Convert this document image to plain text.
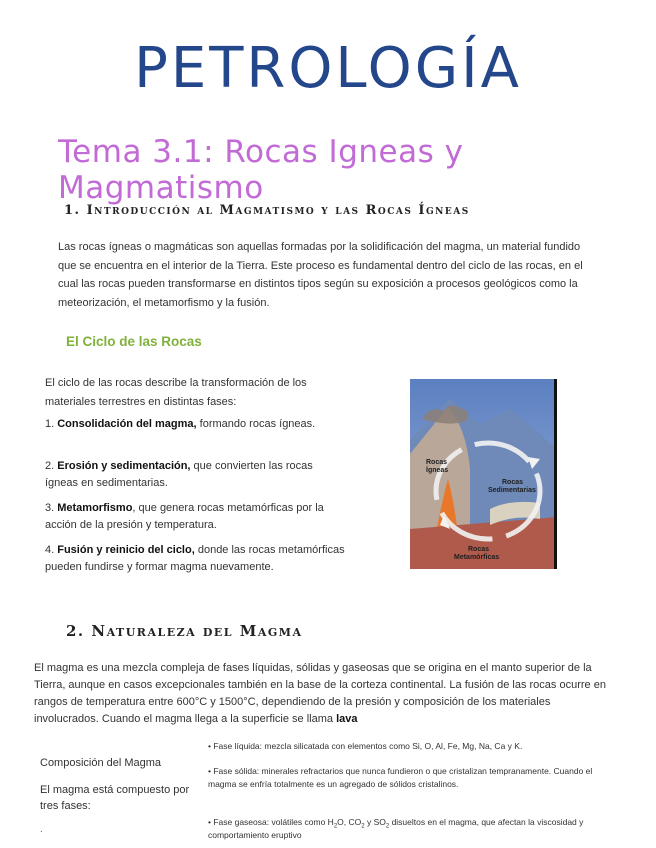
PETROLOGÍA
Tema 3.1: Rocas Igneas y Magmatismo
1. Introducción al Magmatismo y las Rocas Ígneas
Las rocas ígneas o magmáticas son aquellas formadas por la solidificación del magma, un material fundido que se encuentra en el interior de la Tierra. Este proceso es fundamental dentro del ciclo de las rocas, en el cual las rocas pueden transformarse en distintos tipos según su exposición a procesos geológicos como la meteorización, el metamorfismo y la fusión.
El Ciclo de las Rocas
El ciclo de las rocas describe la transformación de los materiales terrestres en distintas fases:
1. Consolidación del magma, formando rocas ígneas.
2. Erosión y sedimentación, que convierten las rocas ígneas en sedimentarias.
3. Metamorfismo, que genera rocas metamórficas por la acción de la presión y temperatura.
4. Fusión y reinicio del ciclo, donde las rocas metamórficas pueden fundirse y formar magma nuevamente.
Rocas
Ígneas
Rocas
Sedimentarias
Rocas
Metamórficas
2. Naturaleza del Magma
El magma es una mezcla compleja de fases líquidas, sólidas y gaseosas que se origina en el manto superior de la Tierra, aunque en casos excepcionales también en la base de la corteza continental. La fusión de las rocas ocurre en rangos de temperatura entre 600°C y 1500°C, dependiendo de la presión y composición de los materiales involucrados. Cuando el magma llega a la superficie se llama lava
Composición del Magma
El magma está compuesto por tres fases:
• Fase líquida: mezcla silicatada con elementos como Si, O, Al, Fe, Mg, Na, Ca y K.
• Fase sólida: minerales refractarios que nunca fundieron o que cristalizan tempranamente. Cuando el magma se enfría totalmente es un agregado de sólidos cristalinos.
• Fase gaseosa: volátiles como $H_2O$, $CO_2$ y $SO_2$ disueltos en el magma, que afectan la viscosidad y comportamiento eruptivo
.
